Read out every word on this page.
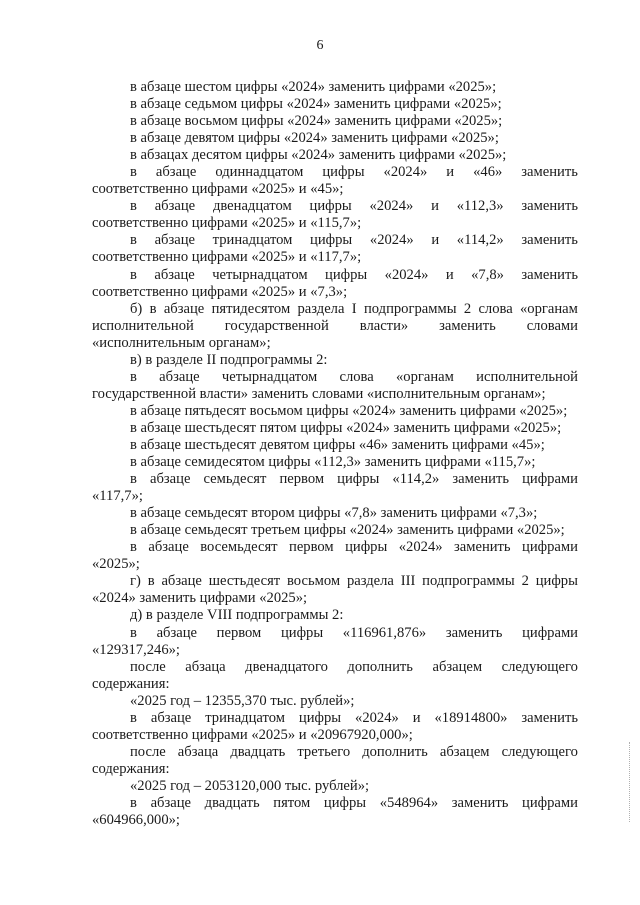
6
в абзаце шестом цифры «2024» заменить цифрами «2025»;
в абзаце седьмом цифры «2024» заменить цифрами «2025»;
в абзаце восьмом цифры «2024» заменить цифрами «2025»;
в абзаце девятом цифры «2024» заменить цифрами «2025»;
в абзацах десятом цифры «2024» заменить цифрами «2025»;
в абзаце одиннадцатом цифры «2024» и «46» заменить
соответственно цифрами «2025» и «45»;
в абзаце двенадцатом цифры «2024» и «112,3» заменить
соответственно цифрами «2025» и «115,7»;
в абзаце тринадцатом цифры «2024» и «114,2» заменить
соответственно цифрами «2025» и «117,7»;
в абзаце четырнадцатом цифры «2024» и «7,8» заменить
соответственно цифрами «2025» и «7,3»;
б) в абзаце пятидесятом раздела I подпрограммы 2 слова «органам
исполнительной государственной власти» заменить словами
«исполнительным органам»;
в) в разделе II подпрограммы 2:
в абзаце четырнадцатом слова «органам исполнительной
государственной власти» заменить словами «исполнительным органам»;
в абзаце пятьдесят восьмом цифры «2024» заменить цифрами «2025»;
в абзаце шестьдесят пятом цифры «2024» заменить цифрами «2025»;
в абзаце шестьдесят девятом цифры «46» заменить цифрами «45»;
в абзаце семидесятом цифры «112,3» заменить цифрами «115,7»;
в абзаце семьдесят первом цифры «114,2» заменить цифрами
«117,7»;
в абзаце семьдесят втором цифры «7,8» заменить цифрами «7,3»;
в абзаце семьдесят третьем цифры «2024» заменить цифрами «2025»;
в абзаце восемьдесят первом цифры «2024» заменить цифрами
«2025»;
г) в абзаце шестьдесят восьмом раздела III подпрограммы 2 цифры
«2024» заменить цифрами «2025»;
д) в разделе VIII подпрограммы 2:
в абзаце первом цифры «116961,876» заменить цифрами
«129317,246»;
после абзаца двенадцатого дополнить абзацем следующего
содержания:
«2025 год – 12355,370 тыс. рублей»;
в абзаце тринадцатом цифры «2024» и «18914800» заменить
соответственно цифрами «2025» и «20967920,000»;
после абзаца двадцать третьего дополнить абзацем следующего
содержания:
«2025 год – 2053120,000 тыс. рублей»;
в абзаце двадцать пятом цифры «548964» заменить цифрами
«604966,000»;
